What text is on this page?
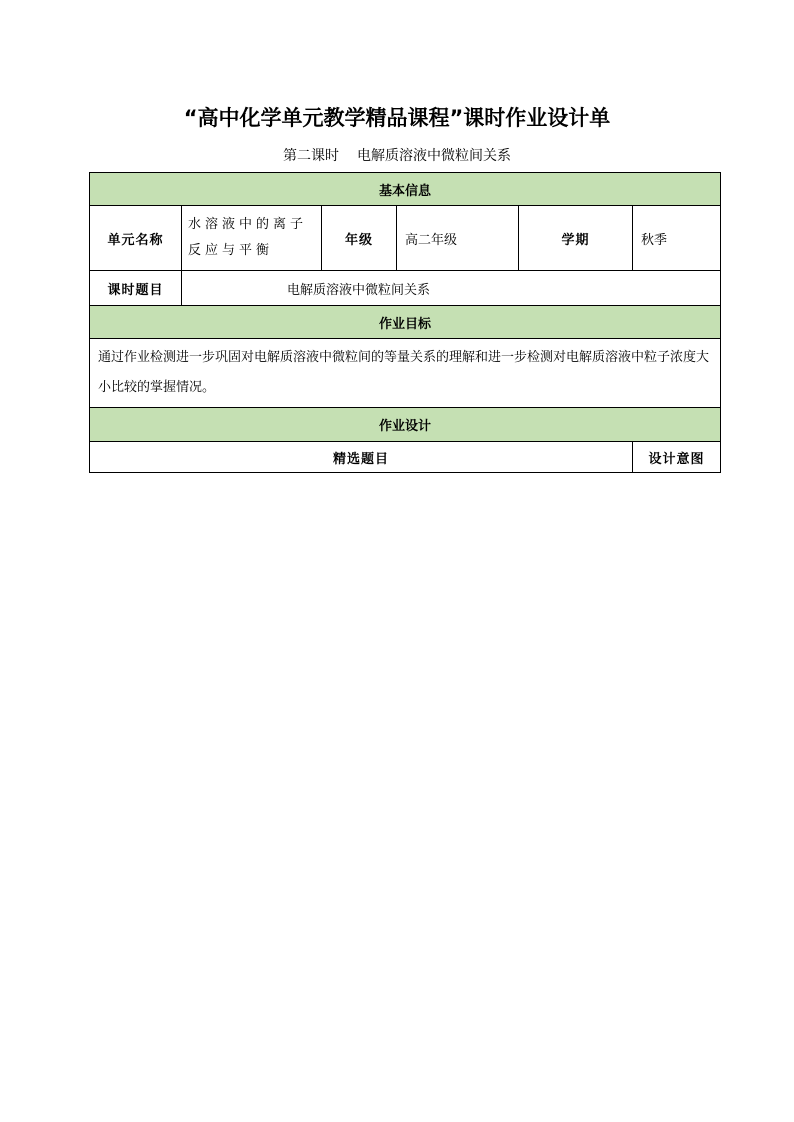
“高中化学单元教学精品课程”课时作业设计单
第二课时 电解质溶液中微粒间关系
基本信息					
单元名称	水溶液中的离子反应与平衡	年级	高二年级	学期	秋季
课时题目	电解质溶液中微粒间关系				
作业目标					
通过作业检测进一步巩固对电解质溶液中微粒间的等量关系的理解和进一步检测对电解质溶液中粒子浓度大小比较的掌握情况。					
作业设计					
精选题目					设计意图
